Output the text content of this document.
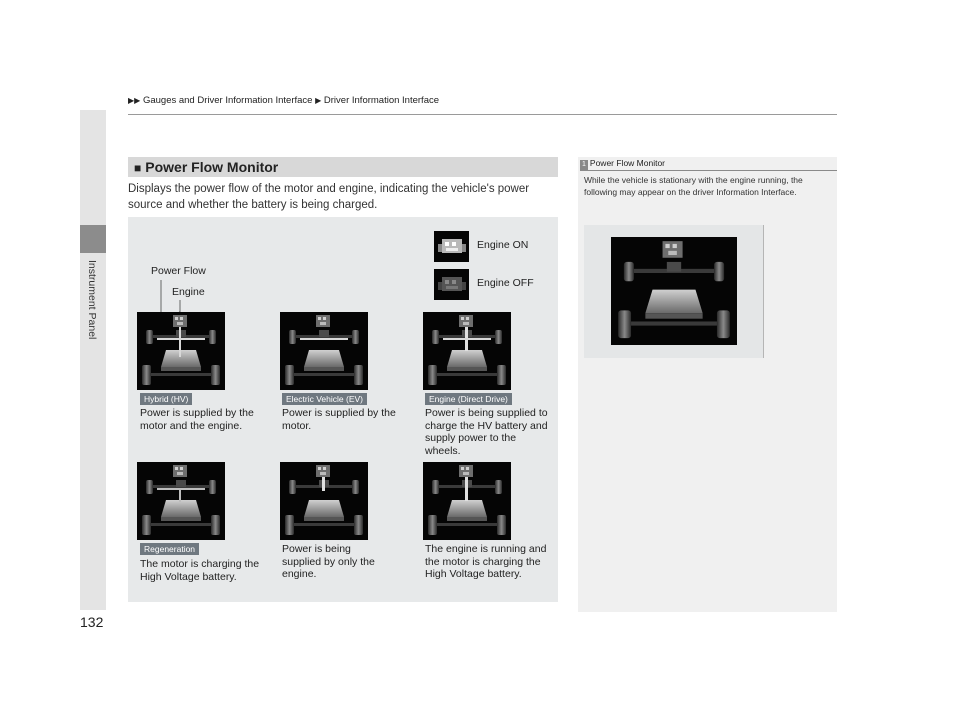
Instrument Panel
▶▶ Gauges and Driver Information Interface ▶ Driver Information Interface
■ Power Flow Monitor
Displays the power flow of the motor and engine, indicating the vehicle's power source and whether the battery is being charged.
Engine ON
Engine OFF
Power Flow
Engine
Hybrid (HV)
Power is supplied by the motor and the engine.
Electric Vehicle (EV)
Power is supplied by the motor.
Engine (Direct Drive)
Power is being supplied to charge the HV battery and supply power to the wheels.
Regeneration
The motor is charging the High Voltage battery.
Power is being supplied by only the engine.
The engine is running and the motor is charging the High Voltage battery.
1 Power Flow Monitor
While the vehicle is stationary with the engine running, the following may appear on the driver Information Interface.
132
